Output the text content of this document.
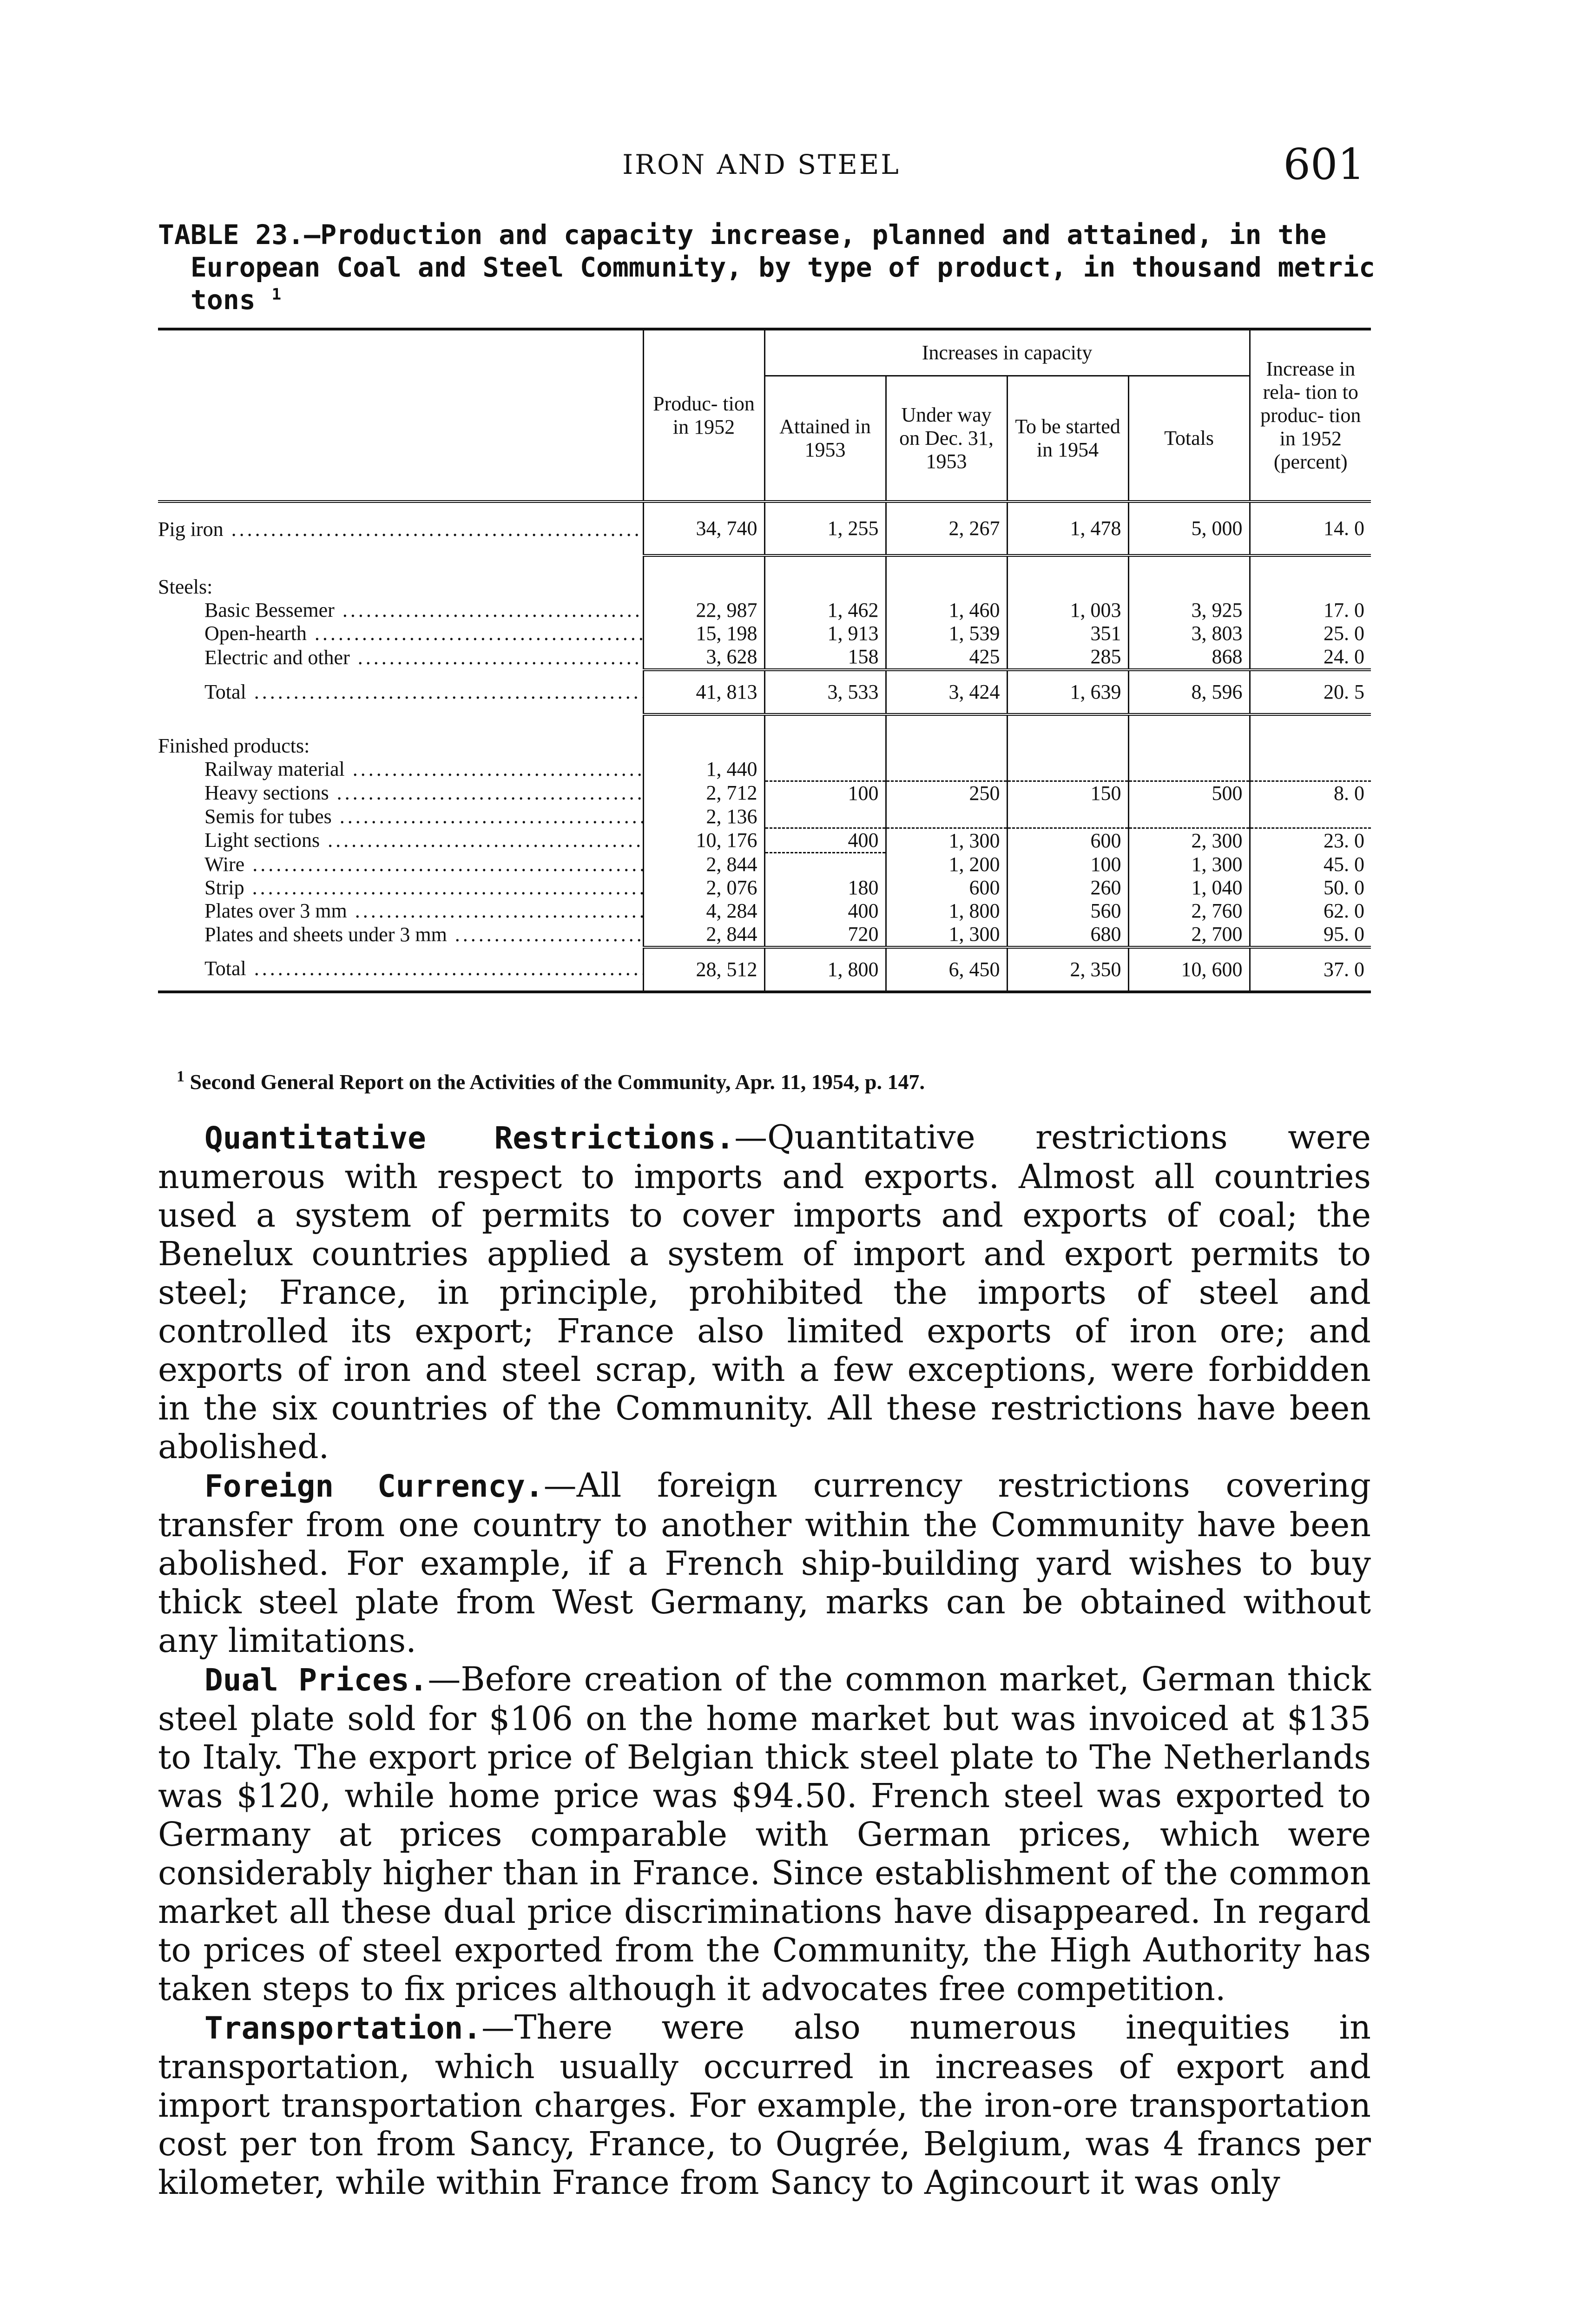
IRON AND STEEL	601
TABLE 23.—Production and capacity increase, planned and attained, in the
European Coal and Steel Community, by type of product, in thousand metric
tons $^1$
	Produc- tion in 1952	Increases in capacity				Increase in rela- tion to produc- tion in 1952 (percent)
		Attained in 1953	Under way on Dec. 31, 1953	To be started in 1954	Totals	
Pig iron .....	34, 740	1, 255	2, 267	1, 478	5, 000	14. 0

Steels:						
Basic Bessemer .....	22, 987	1, 462	1, 460	1, 003	3, 925	17. 0
Open-hearth .....	15, 198	1, 913	1, 539	351	3, 803	25. 0
Electric and other .....	3, 628	158	425	285	868	24. 0
Total .....	41, 813	3, 533	3, 424	1, 639	8, 596	20. 5

Finished products:						
Railway material .....	1, 440					
Heavy sections .....	2, 712	100	250	150	500	8. 0
Semis for tubes .....	2, 136					
Light sections .....	10, 176	400	1, 300	600	2, 300	23. 0
Wire .....	2, 844		1, 200	100	1, 300	45. 0
Strip .....	2, 076	180	600	260	1, 040	50. 0
Plates over 3 mm .....	4, 284	400	1, 800	560	2, 760	62. 0
Plates and sheets under 3 mm .....	2, 844	720	1, 300	680	2, 700	95. 0
Total .....	28, 512	1, 800	6, 450	2, 350	10, 600	37. 0
$^1$ Second General Report on the Activities of the Community, Apr. 11, 1954, p. 147.

Quantitative Restrictions.—Quantitative restrictions were numerous with respect to imports and exports. Almost all countries used a system of permits to cover imports and exports of coal; the Benelux countries applied a system of import and export permits to steel; France, in principle, prohibited the imports of steel and controlled its export; France also limited exports of iron ore; and exports of iron and steel scrap, with a few exceptions, were forbidden in the six countries of the Community. All these restrictions have been abolished.

Foreign Currency.—All foreign currency restrictions covering transfer from one country to another within the Community have been abolished. For example, if a French ship-building yard wishes to buy thick steel plate from West Germany, marks can be obtained without any limitations.

Dual Prices.—Before creation of the common market, German thick steel plate sold for $106 on the home market but was invoiced at $135 to Italy. The export price of Belgian thick steel plate to The Netherlands was $120, while home price was $94.50. French steel was exported to Germany at prices comparable with German prices, which were considerably higher than in France. Since establishment of the common market all these dual price discriminations have disappeared. In regard to prices of steel exported from the Community, the High Authority has taken steps to fix prices although it advocates free competition.

Transportation.—There were also numerous inequities in transportation, which usually occurred in increases of export and import transportation charges. For example, the iron-ore transportation cost per ton from Sancy, France, to Ougrée, Belgium, was 4 francs per kilometer, while within France from Sancy to Agincourt it was only
